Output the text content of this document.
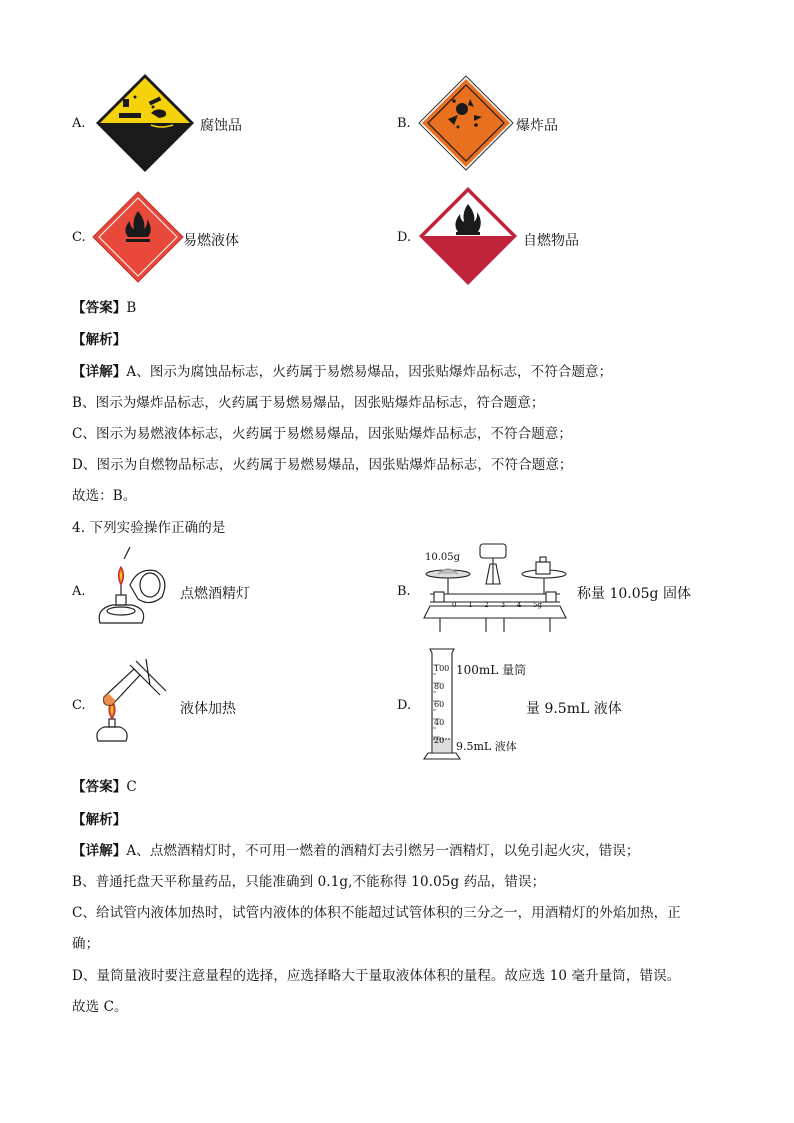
A.	腐蚀品	B.	爆炸品
C.	易燃液体	D.	自燃物品
【答案】B
【解析】
【详解】A、图示为腐蚀品标志，火药属于易燃易爆品，因张贴爆炸品标志，不符合题意；
B、图示为爆炸品标志，火药属于易燃易爆品，因张贴爆炸品标志，符合题意；
C、图示为易燃液体标志，火药属于易燃易爆品，因张贴爆炸品标志，不符合题意；
D、图示为自燃物品标志，火药属于易燃易爆品，因张贴爆炸品标志，不符合题意；
故选：B。
4. 下列实验操作正确的是
A.	点燃酒精灯	B.
10.05g
0 1 2 3 4 5g
称量 10.05g 固体
C.	液体加热	D.
100
80
60
40
20
100mL 量筒
9.5mL 液体
量 9.5mL 液体
【答案】C
【解析】
【详解】A、点燃酒精灯时，不可用一燃着的酒精灯去引燃另一酒精灯，以免引起火灾，错误；
B、普通托盘天平称量药品，只能准确到 0.1g,不能称得 10.05g 药品，错误；
C、给试管内液体加热时，试管内液体的体积不能超过试管体积的三分之一，用酒精灯的外焰加热，正
确；
D、量筒量液时要注意量程的选择，应选择略大于量取液体体积的量程。故应选 10 毫升量筒，错误。
故选 C。
